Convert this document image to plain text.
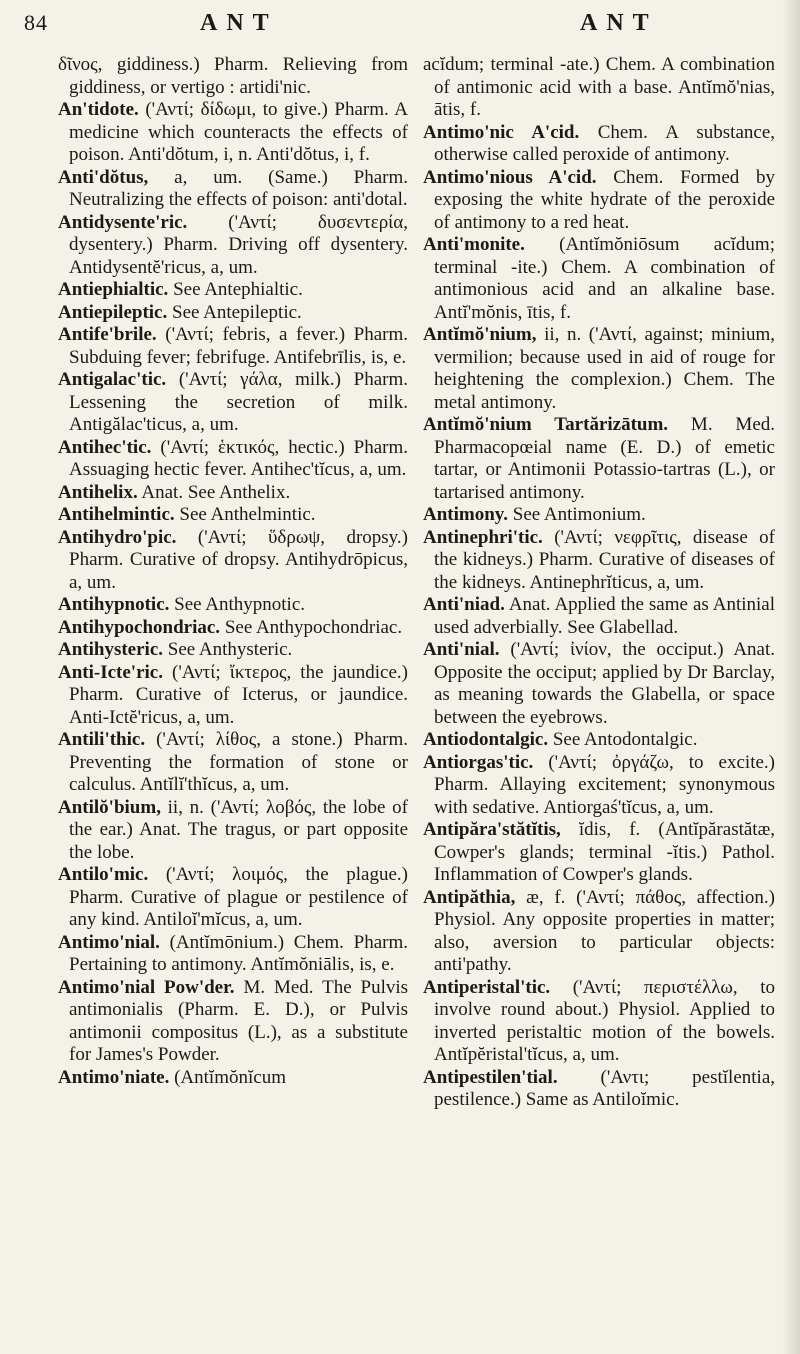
84	ANT	ANT

δῖνος, giddiness.) Pharm. Relieving from giddiness, or vertigo : artidi'nic.

An'tidote. ('Αντί; δίδωμι, to give.) Pharm. A medicine which counteracts the effects of poison. Anti'dŏtum, i, n. Anti'dŏtus, i, f.

Anti'dŏtus, a, um. (Same.) Pharm. Neutralizing the effects of poison: anti'dotal.

Antidysente'ric. ('Αντί; δυσεντερία, dysentery.) Pharm. Driving off dysentery. Antidysentĕ'ricus, a, um.

Antiephialtic. See Antephialtic.

Antiepileptic. See Antepileptic.

Antife'brile. ('Αντί; febris, a fever.) Pharm. Subduing fever; febrifuge. Antifebrīlis, is, e.

Antigalac'tic. ('Αντί; γάλα, milk.) Pharm. Lessening the secretion of milk. Antigălac'ticus, a, um.

Antihec'tic. ('Αντί; ἑκτικός, hectic.) Pharm. Assuaging hectic fever. Antihec'tĭcus, a, um.

Antihelix. Anat. See Anthelix.

Antihelmintic. See Anthelmintic.

Antihydro'pic. ('Αντί; ὕδρωψ, dropsy.) Pharm. Curative of dropsy. Antihydrōpicus, a, um.

Antihypnotic. See Anthypnotic.

Antihypochondriac. See Anthypochondriac.

Antihysteric. See Anthysteric.

Anti-Icte'ric. ('Αντί; ἴκτερος, the jaundice.) Pharm. Curative of Icterus, or jaundice. Anti-Ictĕ'ricus, a, um.

Antili'thic. ('Αντί; λίθος, a stone.) Pharm. Preventing the formation of stone or calculus. Antĭlĭ'thĭcus, a, um.

Antilŏ'bium, ii, n. ('Αντί; λοβός, the lobe of the ear.) Anat. The tragus, or part opposite the lobe.

Antilo'mic. ('Αντί; λοιμός, the plague.) Pharm. Curative of plague or pestilence of any kind. Antiloĭ'mĭcus, a, um.

Antimo'nial. (Antĭmōnium.) Chem. Pharm. Pertaining to antimony. Antĭmŏniālis, is, e.

Antimo'nial Pow'der. M. Med. The Pulvis antimonialis (Pharm. E. D.), or Pulvis antimonii compositus (L.), as a substitute for James's Powder.

Antimo'niate. (Antĭmŏnĭcum

acĭdum; terminal -ate.) Chem. A combination of antimonic acid with a base. Antĭmŏ'nias, ātis, f.

Antimo'nic A'cid. Chem. A substance, otherwise called peroxide of antimony.

Antimo'nious A'cid. Chem. Formed by exposing the white hydrate of the peroxide of antimony to a red heat.

Anti'monite. (Antĭmŏniōsum acĭdum; terminal -ite.) Chem. A combination of antimonious acid and an alkaline base. Antĭ'mŏnis, ītis, f.

Antĭmŏ'nium, ii, n. ('Αντί, against; minium, vermilion; because used in aid of rouge for heightening the complexion.) Chem. The metal antimony.

Antĭmŏ'nium Tartărizātum. M. Med. Pharmacopœial name (E. D.) of emetic tartar, or Antimonii Potassio-tartras (L.), or tartarised antimony.

Antimony. See Antimonium.

Antinephri'tic. ('Αντί; νεφρῖτις, disease of the kidneys.) Pharm. Curative of diseases of the kidneys. Antinephrĭticus, a, um.

Anti'niad. Anat. Applied the same as Antinial used adverbially. See Glabellad.

Anti'nial. ('Αντί; ἰνίον, the occiput.) Anat. Opposite the occiput; applied by Dr Barclay, as meaning towards the Glabella, or space between the eyebrows.

Antiodontalgic. See Antodontalgic.

Antiorgas'tic. ('Αντί; ὀργάζω, to excite.) Pharm. Allaying excitement; synonymous with sedative. Antiorgaś'tĭcus, a, um.

Antipăra'stătĭtis, ĭdis, f. (Antĭpărastătæ, Cowper's glands; terminal -ĭtis.) Pathol. Inflammation of Cowper's glands.

Antipăthia, æ, f. ('Αντί; πάθος, affection.) Physiol. Any opposite properties in matter; also, aversion to particular objects: anti'pathy.

Antiperistal'tic. ('Αντί; περιστέλλω, to involve round about.) Physiol. Applied to inverted peristaltic motion of the bowels. Antĭpĕristal'tĭcus, a, um.

Antipestilen'tial. ('Αντι; pestĭlentia, pestilence.) Same as Antiloĭmic.
